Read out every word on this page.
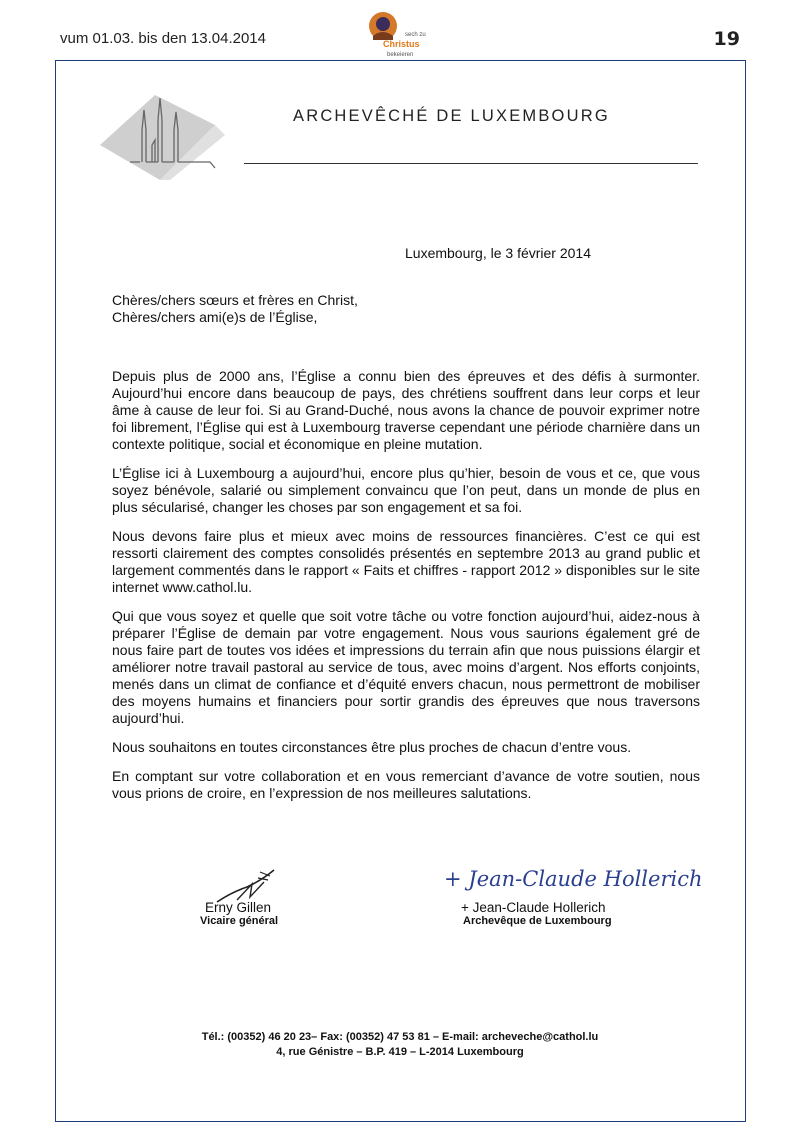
vum 01.03. bis den 13.04.2014	19
sech zu
Christus
bekeieren
ARCHEVÊCHÉ DE LUXEMBOURG
Luxembourg, le 3 février 2014
Chères/chers sœurs et frères en Christ,
Chères/chers ami(e)s de l’Église,

Depuis plus de 2000 ans, l’Église a connu bien des épreuves et des défis à surmonter. Aujourd’hui encore dans beaucoup de pays, des chrétiens souffrent dans leur corps et leur âme à cause de leur foi. Si au Grand-Duché, nous avons la chance de pouvoir exprimer notre foi librement, l’Église qui est à Luxembourg traverse cependant une période charnière dans un contexte politique, social et économique en pleine mutation.

L’Église ici à Luxembourg a aujourd’hui, encore plus qu’hier, besoin de vous et ce, que vous soyez bénévole, salarié ou simplement convaincu que l’on peut, dans un monde de plus en plus sécularisé, changer les choses par son engagement et sa foi.

Nous devons faire plus et mieux avec moins de ressources financières. C’est ce qui est ressorti clairement des comptes consolidés présentés en septembre 2013 au grand public et largement commentés dans le rapport « Faits et chiffres - rapport 2012 » disponibles sur le site internet www.cathol.lu.

Qui que vous soyez et quelle que soit votre tâche ou votre fonction aujourd’hui, aidez-nous à préparer l’Église de demain par votre engagement. Nous vous saurions également gré de nous faire part de toutes vos idées et impressions du terrain afin que nous puissions élargir et améliorer notre travail pastoral au service de tous, avec moins d’argent. Nos efforts conjoints, menés dans un climat de confiance et d’équité envers chacun, nous permettront de mobiliser des moyens humains et financiers pour sortir grandis des épreuves que nous traversons aujourd’hui.

Nous souhaitons en toutes circonstances être plus proches de chacun d’entre vous.

En comptant sur votre collaboration et en vous remerciant d’avance de votre soutien, nous vous prions de croire, en l’expression de nos meilleures salutations.

+ Jean-Claude Hollerich
Erny Gillen
Vicaire général
+ Jean-Claude Hollerich
Archevêque de Luxembourg
Tél.: (00352) 46 20 23– Fax: (00352) 47 53 81 – E-mail: archeveche@cathol.lu
4, rue Génistre – B.P. 419 – L-2014 Luxembourg
